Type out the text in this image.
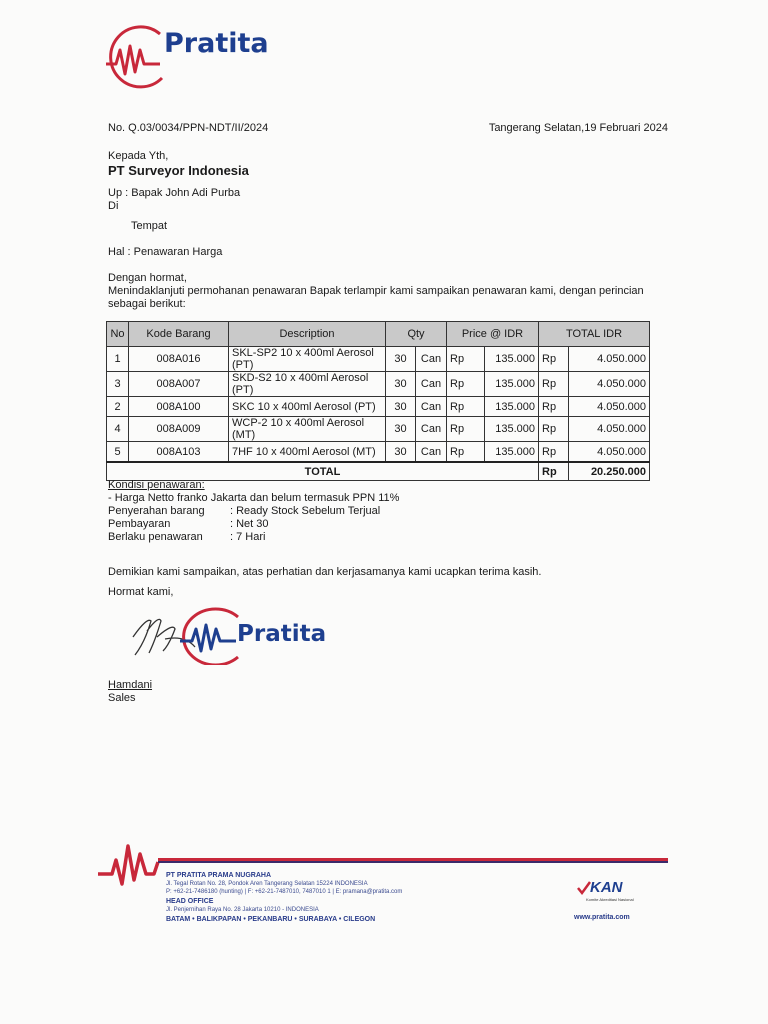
Pratita
No. Q.03/0034/PPN-NDT/II/2024	Tangerang Selatan,19 Februari 2024
Kepada Yth,
PT Surveyor Indonesia
Up : Bapak John Adi Purba
Di
Tempat
Hal : Penawaran Harga
Dengan hormat,
Menindaklanjuti permohanan penawaran Bapak terlampir kami sampaikan penawaran kami, dengan perincian
sebagai berikut:
No	Kode Barang	Description	Qty		Price @ IDR		TOTAL IDR	
1	008A016	SKL-SP2 10 x 400ml Aerosol (PT)	30	Can	Rp	135.000	Rp	4.050.000
3	008A007	SKD-S2 10 x 400ml Aerosol (PT)	30	Can	Rp	135.000	Rp	4.050.000
2	008A100	SKC 10 x 400ml Aerosol (PT)	30	Can	Rp	135.000	Rp	4.050.000
4	008A009	WCP-2 10 x 400ml Aerosol (MT)	30	Can	Rp	135.000	Rp	4.050.000
5	008A103	7HF 10 x 400ml Aerosol (MT)	30	Can	Rp	135.000	Rp	4.050.000
TOTAL							Rp	20.250.000
Kondisi penawaran:
- Harga Netto franko Jakarta dan belum termasuk PPN 11%
Penyerahan barang : Ready Stock Sebelum Terjual
Pembayaran	: Net 30
Berlaku penawaran : 7 Hari
Demikian kami sampaikan, atas perhatian dan kerjasamanya kami ucapkan terima kasih.
Hormat kami,
Pratita
Hamdani
Sales
PT PRATITA PRAMA NUGRAHA
Jl. Tegal Rotan No. 28, Pondok Aren Tangerang Selatan 15224 INDONESIA
P: +62-21-7486180 (hunting) | F: +62-21-7487010, 7487010 1 | E: pramana@pratita.com
HEAD OFFICE
Jl. Penjernihan Raya No. 28 Jakarta 10210 - INDONESIA
BATAM • BALIKPAPAN • PEKANBARU • SURABAYA • CILEGON
KAN
Komite Akreditasi Nasional
www.pratita.com
